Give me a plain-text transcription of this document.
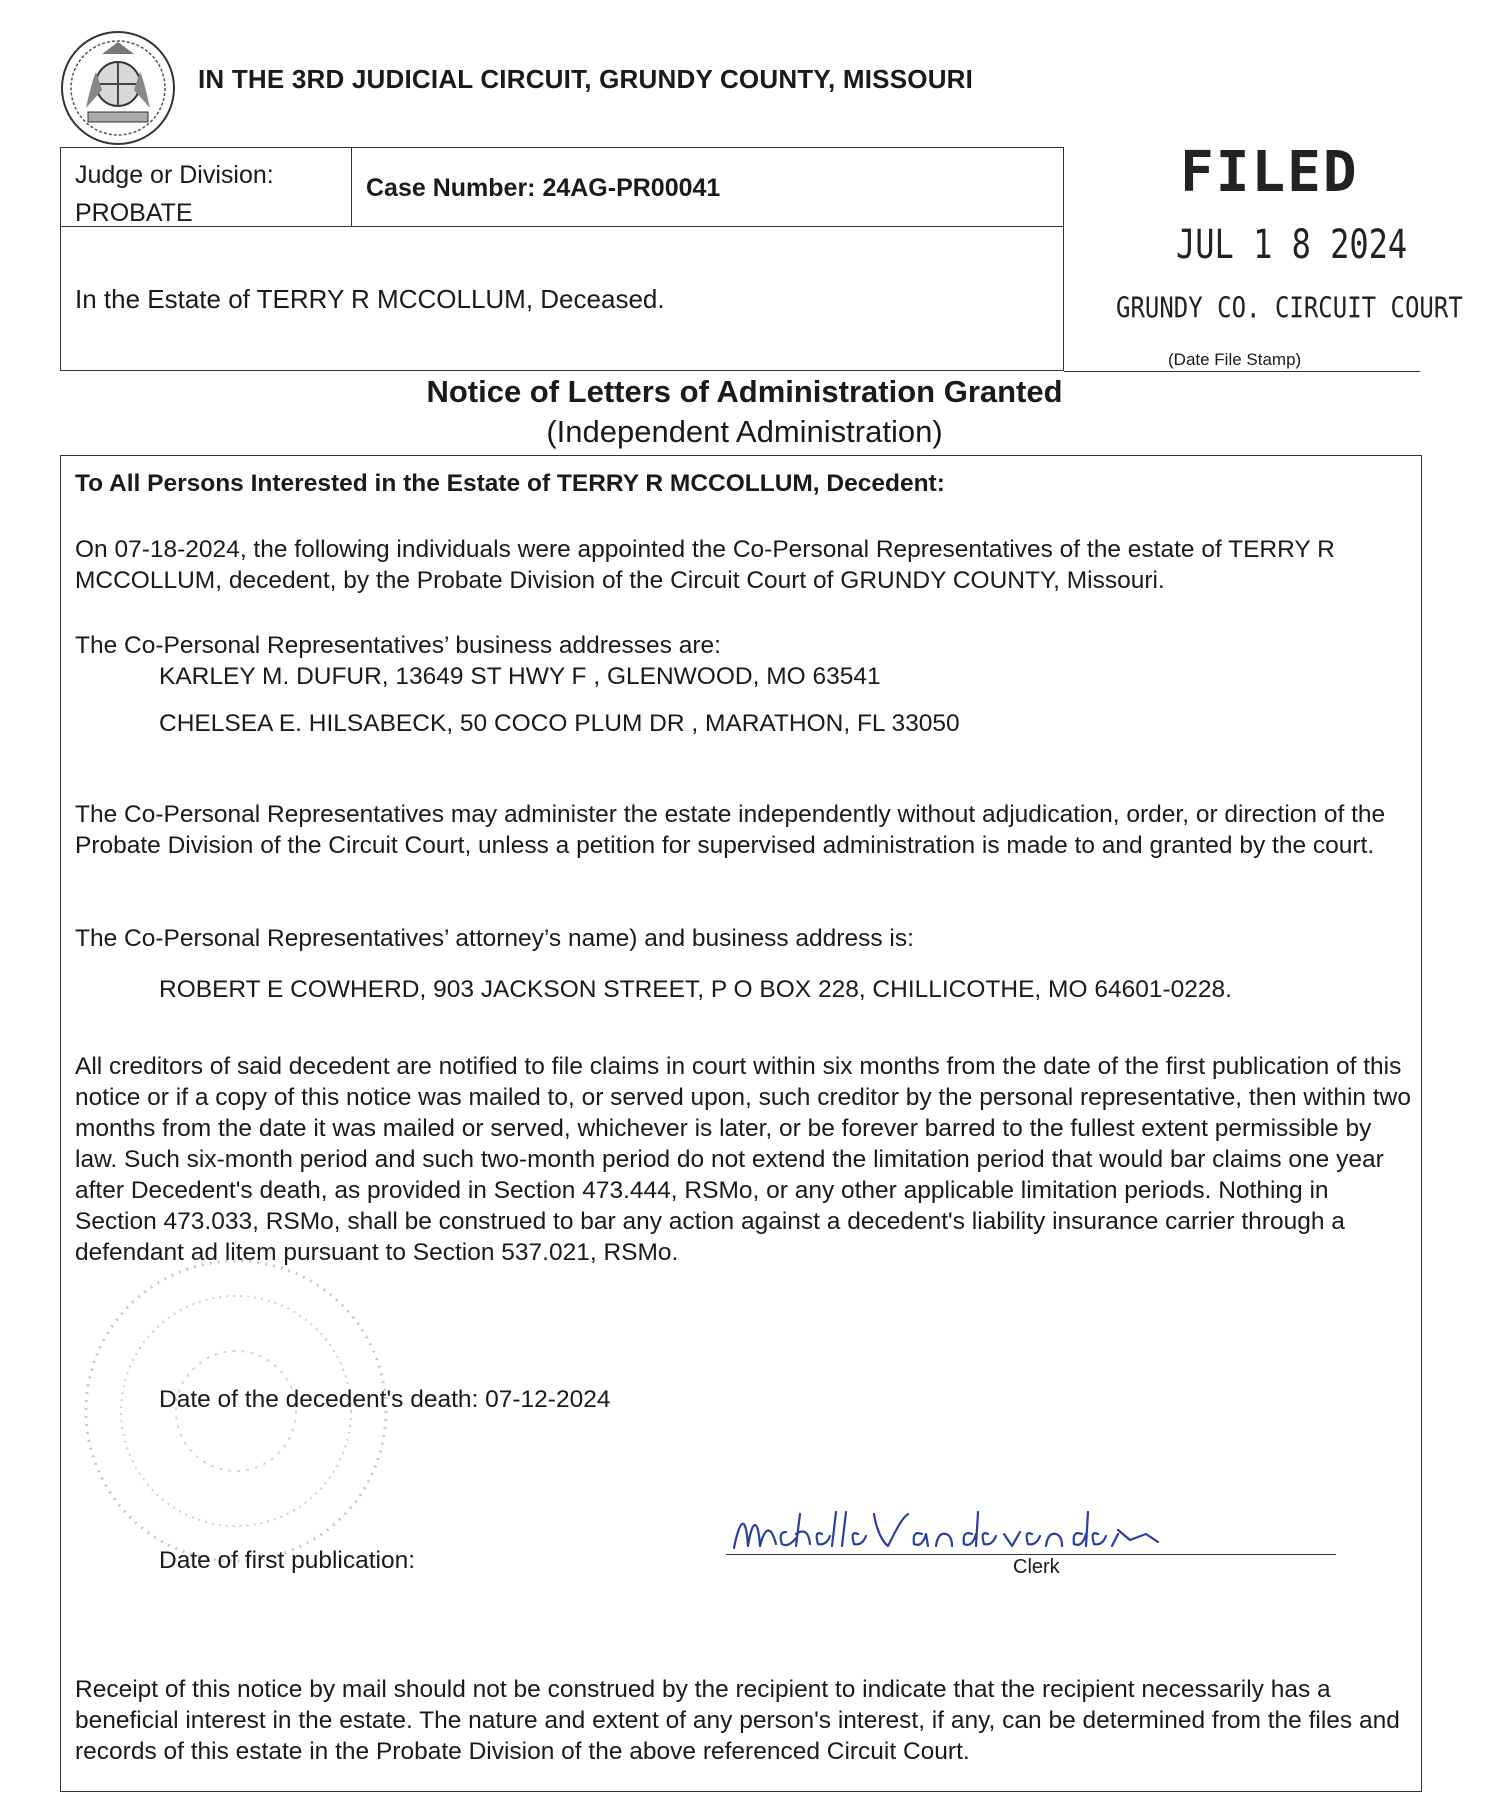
IN THE 3RD JUDICIAL CIRCUIT, GRUNDY COUNTY, MISSOURI
Judge or Division:
PROBATE
Case Number: 24AG-PR00041
In the Estate of TERRY R MCCOLLUM, Deceased.
FILED
JUL 1 8 2024
GRUNDY CO. CIRCUIT COURT
(Date File Stamp)
Notice of Letters of Administration Granted
(Independent Administration)
To All Persons Interested in the Estate of TERRY R MCCOLLUM, Decedent:
On 07-18-2024, the following individuals were appointed the Co-Personal Representatives of the estate of TERRY R MCCOLLUM, decedent, by the Probate Division of the Circuit Court of GRUNDY COUNTY, Missouri.
The Co-Personal Representatives’ business addresses are:
KARLEY M. DUFUR, 13649 ST HWY F , GLENWOOD, MO 63541
CHELSEA E. HILSABECK, 50 COCO PLUM DR , MARATHON, FL 33050
The Co-Personal Representatives may administer the estate independently without adjudication, order, or direction of the Probate Division of the Circuit Court, unless a petition for supervised administration is made to and granted by the court.
The Co-Personal Representatives’ attorney’s name) and business address is:
ROBERT E COWHERD, 903 JACKSON STREET, P O BOX 228, CHILLICOTHE, MO 64601-0228.
All creditors of said decedent are notified to file claims in court within six months from the date of the first publication of this notice or if a copy of this notice was mailed to, or served upon, such creditor by the personal representative, then within two months from the date it was mailed or served, whichever is later, or be forever barred to the fullest extent permissible by law. Such six-month period and such two-month period do not extend the limitation period that would bar claims one year after Decedent's death, as provided in Section 473.444, RSMo, or any other applicable limitation periods. Nothing in Section 473.033, RSMo, shall be construed to bar any action against a decedent's liability insurance carrier through a defendant ad litem pursuant to Section 537.021, RSMo.
Date of the decedent's death: 07-12-2024
Date of first publication:	Clerk
Receipt of this notice by mail should not be construed by the recipient to indicate that the recipient necessarily has a beneficial interest in the estate. The nature and extent of any person's interest, if any, can be determined from the files and records of this estate in the Probate Division of the above referenced Circuit Court.
